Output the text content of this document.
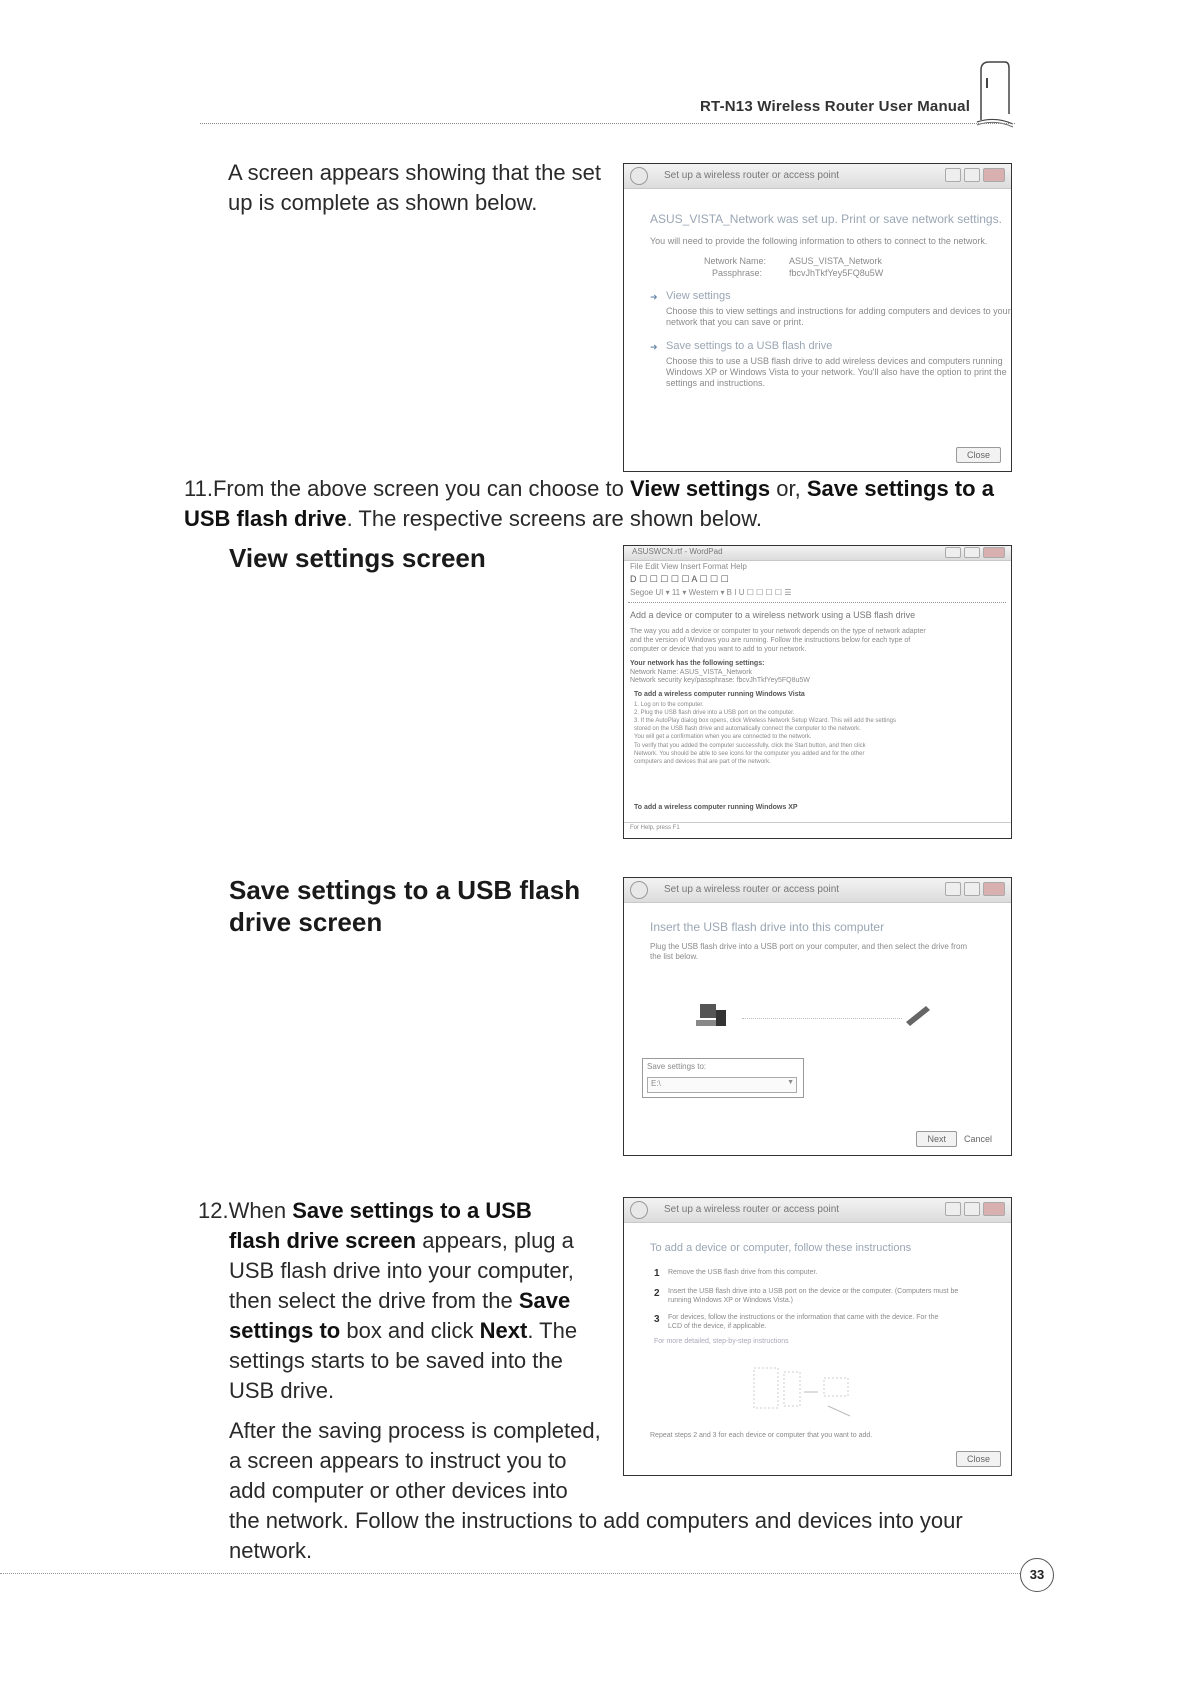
RT-N13 Wireless Router User Manual
A screen appears showing that the set up is complete as shown below.
Set up a wireless router or access point
ASUS_VISTA_Network was set up. Print or save network settings.
You will need to provide the following information to others to connect to the network.
Network Name:	ASUS_VISTA_Network
Passphrase:	fbcvJhTkfYey5FQ8u5W
➜ View settings
Choose this to view settings and instructions for adding computers and devices to your
network that you can save or print.
➜ Save settings to a USB flash drive
Choose this to use a USB flash drive to add wireless devices and computers running
Windows XP or Windows Vista to your network. You'll also have the option to print the
settings and instructions.
Close
11.From the above screen you can choose to View settings or, Save settings to a USB flash drive. The respective screens are shown below.
View settings screen	ASUSWCN.rtf - WordPad
File Edit View Insert Format Help
D ☐ ☐ ☐ ☐ ☐ A ☐ ☐ ☐
Segoe UI ▾ 11 ▾ Western ▾ B I U ☐ ☐ ☐ ☐ ☰
Add a device or computer to a wireless network using a USB flash drive
The way you add a device or computer to your network depends on the type of network adapter
and the version of Windows you are running. Follow the instructions below for each type of
computer or device that you want to add to your network.
Your network has the following settings:
Network Name: ASUS_VISTA_Network
Network security key/passphrase: fbcvJhTkfYey5FQ8u5W
To add a wireless computer running Windows Vista
1. Log on to the computer.
2. Plug the USB flash drive into a USB port on the computer.
3. If the AutoPlay dialog box opens, click Wireless Network Setup Wizard. This will add the settings
stored on the USB flash drive and automatically connect the computer to the network.
You will get a confirmation when you are connected to the network.
To verify that you added the computer successfully, click the Start button, and then click
Network. You should be able to see icons for the computer you added and for the other
computers and devices that are part of the network.
To add a wireless computer running Windows XP
For Help, press F1
Save settings to a USB flash
drive screen
Set up a wireless router or access point
Insert the USB flash drive into this computer
Plug the USB flash drive into a USB port on your computer, and then select the drive from
the list below.
Save settings to:
E:\	▼
Next	Cancel
12.When Save settings to a USB
flash drive screen appears, plug a
USB flash drive into your computer,
then select the drive from the Save
settings to box and click Next. The
settings starts to be saved into the
USB drive.
After the saving process is completed,
a screen appears to instruct you to
add computer or other devices into
the network. Follow the instructions to add computers and devices into your
network.
Set up a wireless router or access point
To add a device or computer, follow these instructions
1 Remove the USB flash drive from this computer.
2 Insert the USB flash drive into a USB port on the device or the computer. (Computers must be
running Windows XP or Windows Vista.)
3 For devices, follow the instructions or the information that came with the device. For the
LCD of the device, if applicable.
For more detailed, step-by-step instructions
Repeat steps 2 and 3 for each device or computer that you want to add.
Close
33
